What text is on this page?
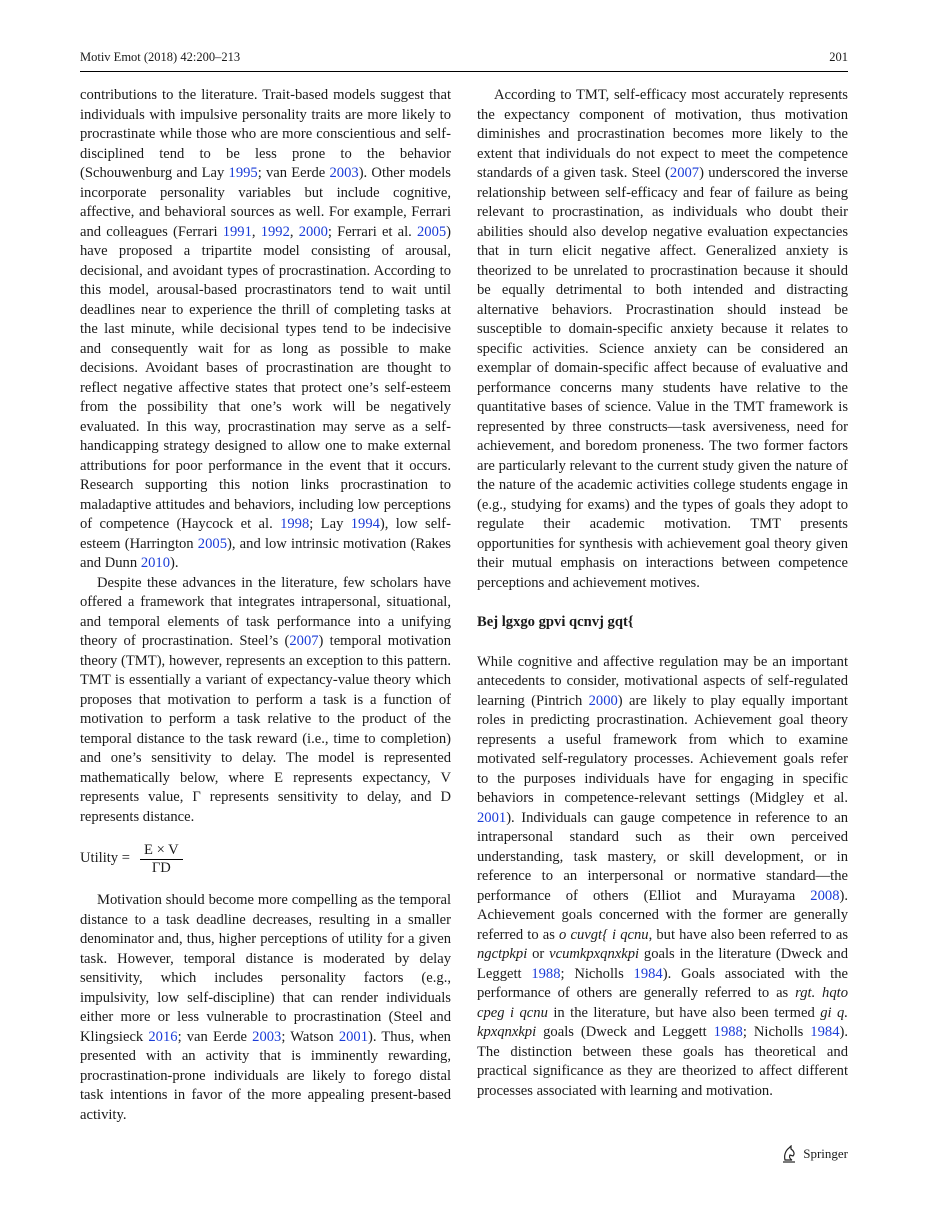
Motiv Emot (2018) 42:200–213	201

contributions to the literature. Trait-based models suggest that individuals with impulsive personality traits are more likely to procrastinate while those who are more conscientious and self-disciplined tend to be less prone to the behavior (Schouwenburg and Lay 1995; van Eerde 2003). Other models incorporate personality variables but include cognitive, affective, and behavioral sources as well. For example, Ferrari and colleagues (Ferrari 1991, 1992, 2000; Ferrari et al. 2005) have proposed a tripartite model consisting of arousal, decisional, and avoidant types of procrastination. According to this model, arousal-based procrastinators tend to wait until deadlines near to experience the thrill of completing tasks at the last minute, while decisional types tend to be indecisive and consequently wait for as long as possible to make decisions. Avoidant bases of procrastination are thought to reflect negative affective states that protect one’s self-esteem from the possibility that one’s work will be negatively evaluated. In this way, procrastination may serve as a self-handicapping strategy designed to allow one to make external attributions for poor performance in the event that it occurs. Research supporting this notion links procrastination to maladaptive attitudes and behaviors, including low perceptions of competence (Haycock et al. 1998; Lay 1994), low self-esteem (Harrington 2005), and low intrinsic motivation (Rakes and Dunn 2010).

Despite these advances in the literature, few scholars have offered a framework that integrates intrapersonal, situational, and temporal elements of task performance into a unifying theory of procrastination. Steel’s (2007) temporal motivation theory (TMT), however, represents an exception to this pattern. TMT is essentially a variant of expectancy-value theory which proposes that motivation to perform a task is a function of motivation to perform a task relative to the product of the temporal distance to the task reward (i.e., time to completion) and one’s sensitivity to delay. The model is represented mathematically below, where E represents expectancy, V represents value, Γ represents sensitivity to delay, and D represents distance.

Utility = $\frac{E \times V}{\Gamma D}$

Motivation should become more compelling as the temporal distance to a task deadline decreases, resulting in a smaller denominator and, thus, higher perceptions of utility for a given task. However, temporal distance is moderated by delay sensitivity, which includes personality factors (e.g., impulsivity, low self-discipline) that can render individuals either more or less vulnerable to procrastination (Steel and Klingsieck 2016; van Eerde 2003; Watson 2001). Thus, when presented with an activity that is imminently rewarding, procrastination-prone individuals are likely to forego distal task intentions in favor of the more appealing present-based activity.

According to TMT, self-efficacy most accurately represents the expectancy component of motivation, thus motivation diminishes and procrastination becomes more likely to the extent that individuals do not expect to meet the competence standards of a given task. Steel (2007) underscored the inverse relationship between self-efficacy and fear of failure as being relevant to procrastination, as individuals who doubt their abilities should also develop negative evaluation expectancies that in turn elicit negative affect. Generalized anxiety is theorized to be unrelated to procrastination because it should be equally detrimental to both intended and distracting alternative behaviors. Procrastination should instead be susceptible to domain-specific anxiety because it relates to specific activities. Science anxiety can be considered an exemplar of domain-specific affect because of evaluative and performance concerns many students have relative to the quantitative bases of science. Value in the TMT framework is represented by three constructs—task aversiveness, need for achievement, and boredom proneness. The two former factors are particularly relevant to the current study given the nature of the nature of the academic activities college students engage in (e.g., studying for exams) and the types of goals they adopt to regulate their academic motivation. TMT presents opportunities for synthesis with achievement goal theory given their mutual emphasis on interactions between competence perceptions and achievement motives.

Bej lgxgo gpvi qcnvj gqt{

While cognitive and affective regulation may be an important antecedents to consider, motivational aspects of self-regulated learning (Pintrich 2000) are likely to play equally important roles in predicting procrastination. Achievement goal theory represents a useful framework from which to examine motivated self-regulatory processes. Achievement goals refer to the purposes individuals have for engaging in specific behaviors in competence-relevant settings (Midgley et al. 2001). Individuals can gauge competence in reference to an intrapersonal standard such as their own perceived understanding, task mastery, or skill development, or in reference to an interpersonal or normative standard—the performance of others (Elliot and Murayama 2008). Achievement goals concerned with the former are generally referred to as o cuvgt{ i qcnu, but have also been referred to as ngctpkpi or vcumkpxqnxkpi goals in the literature (Dweck and Leggett 1988; Nicholls 1984). Goals associated with the performance of others are generally referred to as rgt. hqto cpeg i qcnu in the literature, but have also been termed gi q. kpxqnxkpi goals (Dweck and Leggett 1988; Nicholls 1984). The distinction between these goals has theoretical and practical significance as they are theorized to affect different processes associated with learning and motivation.

Springer
